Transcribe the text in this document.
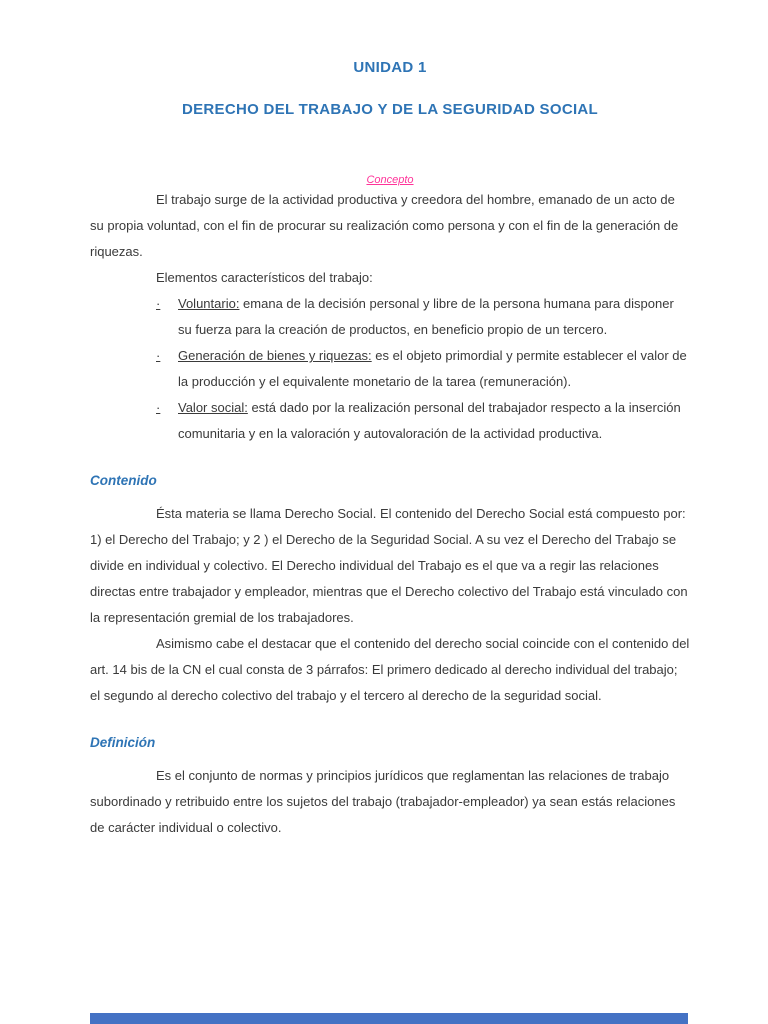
UNIDAD 1
DERECHO DEL TRABAJO Y DE LA SEGURIDAD SOCIAL
Concepto

El trabajo surge de la actividad productiva y creedora del hombre, emanado de un acto de su propia voluntad, con el fin de procurar su realización como persona y con el fin de la generación de riquezas.

Elementos característicos del trabajo:

· Voluntario: emana de la decisión personal y libre de la persona humana para disponer su fuerza para la creación de productos, en beneficio propio de un tercero.
· Generación de bienes y riquezas: es el objeto primordial y permite establecer el valor de la producción y el equivalente monetario de la tarea (remuneración).
· Valor social: está dado por la realización personal del trabajador respecto a la inserción comunitaria y en la valoración y autovaloración de la actividad productiva.
Contenido

Ésta materia se llama Derecho Social. El contenido del Derecho Social está compuesto por: 1) el Derecho del Trabajo; y 2 ) el Derecho de la Seguridad Social. A su vez el Derecho del Trabajo se divide en individual y colectivo. El Derecho individual del Trabajo es el que va a regir las relaciones directas entre trabajador y empleador, mientras que el Derecho colectivo del Trabajo está vinculado con la representación gremial de los trabajadores.

Asimismo cabe el destacar que el contenido del derecho social coincide con el contenido del art. 14 bis de la CN el cual consta de 3 párrafos: El primero dedicado al derecho individual del trabajo; el segundo al derecho colectivo del trabajo y el tercero al derecho de la seguridad social.

Definición

Es el conjunto de normas y principios jurídicos que reglamentan las relaciones de trabajo subordinado y retribuido entre los sujetos del trabajo (trabajador-empleador) ya sean estás relaciones de carácter individual o colectivo.
